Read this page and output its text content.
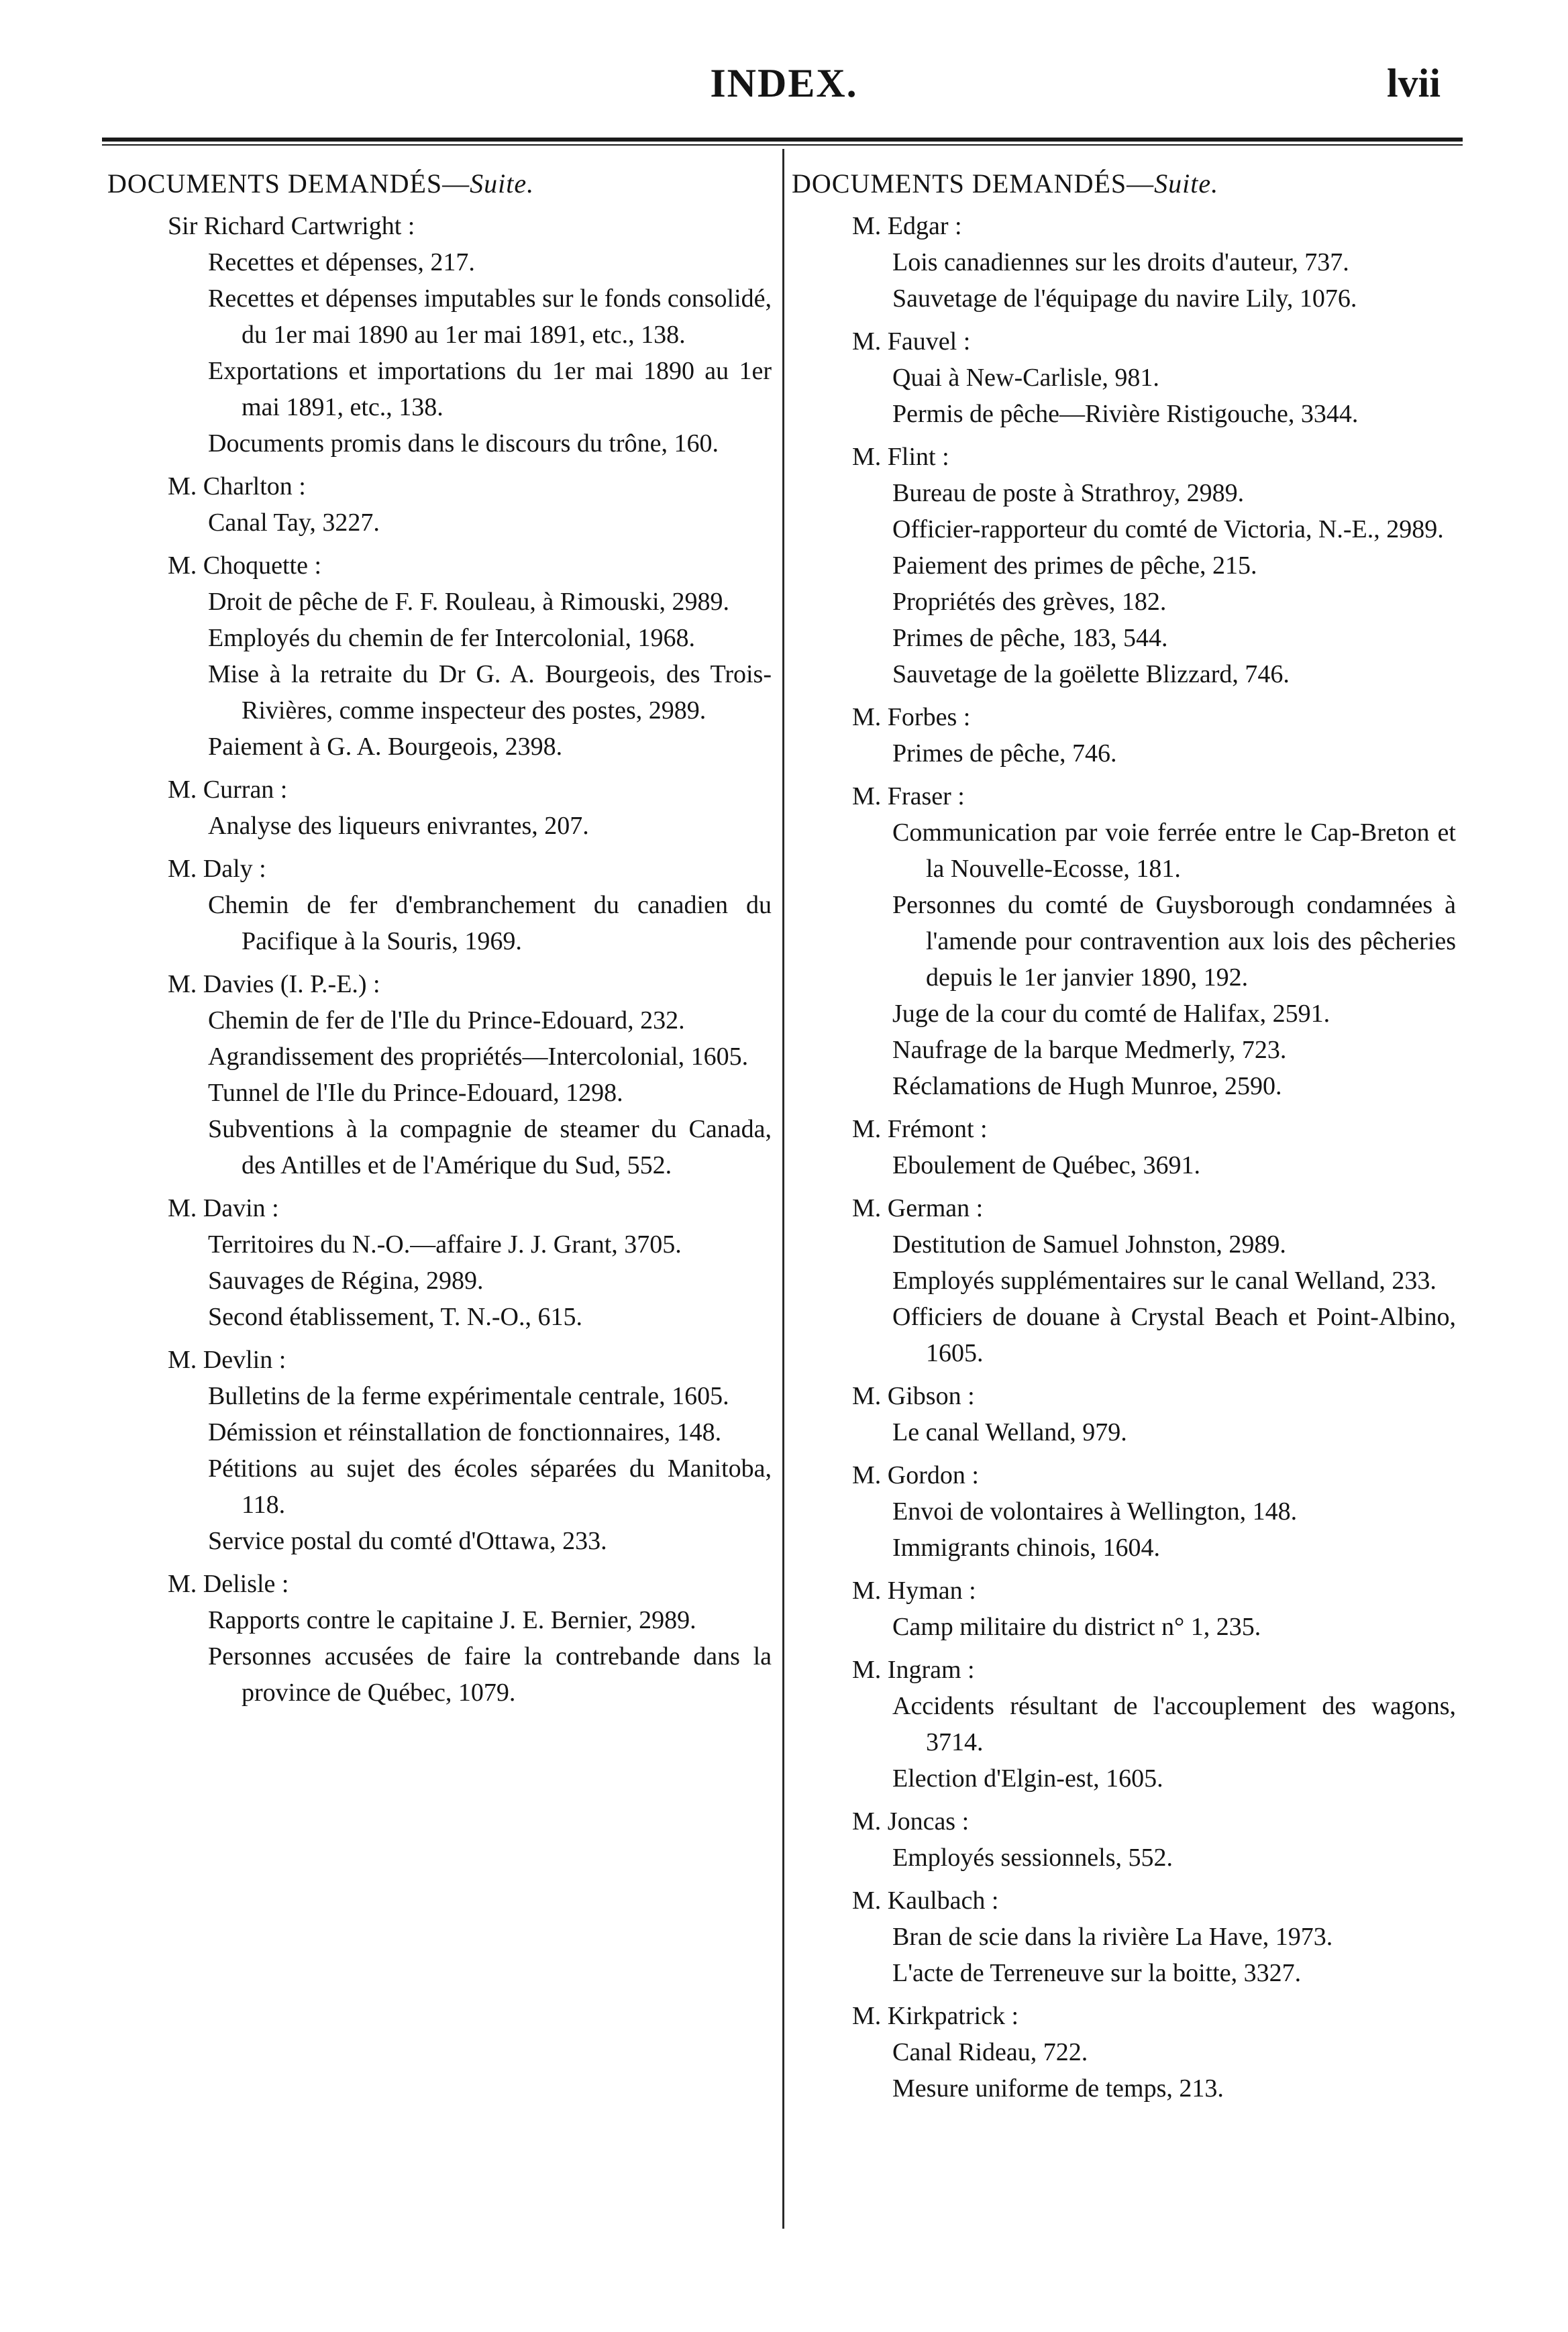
INDEX.	lvii
DOCUMENTS DEMANDÉS—Suite.
Sir Richard Cartwright :
Recettes et dépenses, 217.
Recettes et dépenses imputables sur le fonds consolidé, du 1er mai 1890 au 1er mai 1891, etc., 138.
Exportations et importations du 1er mai 1890 au 1er mai 1891, etc., 138.
Documents promis dans le discours du trône, 160.
M. Charlton :
Canal Tay, 3227.
M. Choquette :
Droit de pêche de F. F. Rouleau, à Rimouski, 2989.
Employés du chemin de fer Intercolonial, 1968.
Mise à la retraite du Dr G. A. Bourgeois, des Trois-Rivières, comme inspecteur des postes, 2989.
Paiement à G. A. Bourgeois, 2398.
M. Curran :
Analyse des liqueurs enivrantes, 207.
M. Daly :
Chemin de fer d'embranchement du canadien du Pacifique à la Souris, 1969.
M. Davies (I. P.-E.) :
Chemin de fer de l'Ile du Prince-Edouard, 232.
Agrandissement des propriétés—Intercolonial, 1605.
Tunnel de l'Ile du Prince-Edouard, 1298.
Subventions à la compagnie de steamer du Canada, des Antilles et de l'Amérique du Sud, 552.
M. Davin :
Territoires du N.-O.—affaire J. J. Grant, 3705.
Sauvages de Régina, 2989.
Second établissement, T. N.-O., 615.
M. Devlin :
Bulletins de la ferme expérimentale centrale, 1605.
Démission et réinstallation de fonctionnaires, 148.
Pétitions au sujet des écoles séparées du Manitoba, 118.
Service postal du comté d'Ottawa, 233.
M. Delisle :
Rapports contre le capitaine J. E. Bernier, 2989.
Personnes accusées de faire la contrebande dans la province de Québec, 1079.
DOCUMENTS DEMANDÉS—Suite.
M. Edgar :
Lois canadiennes sur les droits d'auteur, 737.
Sauvetage de l'équipage du navire Lily, 1076.
M. Fauvel :
Quai à New-Carlisle, 981.
Permis de pêche—Rivière Ristigouche, 3344.
M. Flint :
Bureau de poste à Strathroy, 2989.
Officier-rapporteur du comté de Victoria, N.-E., 2989.
Paiement des primes de pêche, 215.
Propriétés des grèves, 182.
Primes de pêche, 183, 544.
Sauvetage de la goëlette Blizzard, 746.
M. Forbes :
Primes de pêche, 746.
M. Fraser :
Communication par voie ferrée entre le Cap-Breton et la Nouvelle-Ecosse, 181.
Personnes du comté de Guysborough condamnées à l'amende pour contravention aux lois des pêcheries depuis le 1er janvier 1890, 192.
Juge de la cour du comté de Halifax, 2591.
Naufrage de la barque Medmerly, 723.
Réclamations de Hugh Munroe, 2590.
M. Frémont :
Eboulement de Québec, 3691.
M. German :
Destitution de Samuel Johnston, 2989.
Employés supplémentaires sur le canal Welland, 233.
Officiers de douane à Crystal Beach et Point-Albino, 1605.
M. Gibson :
Le canal Welland, 979.
M. Gordon :
Envoi de volontaires à Wellington, 148.
Immigrants chinois, 1604.
M. Hyman :
Camp militaire du district n° 1, 235.
M. Ingram :
Accidents résultant de l'accouplement des wagons, 3714.
Election d'Elgin-est, 1605.
M. Joncas :
Employés sessionnels, 552.
M. Kaulbach :
Bran de scie dans la rivière La Have, 1973.
L'acte de Terreneuve sur la boitte, 3327.
M. Kirkpatrick :
Canal Rideau, 722.
Mesure uniforme de temps, 213.
